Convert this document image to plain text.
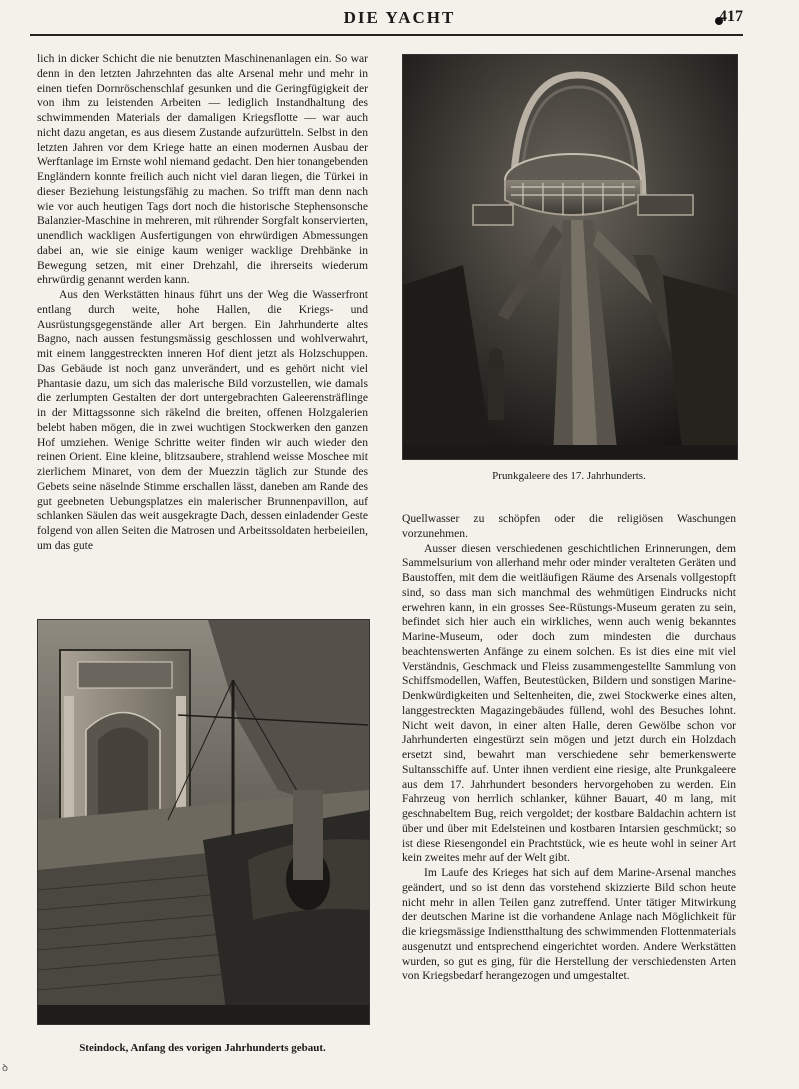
DIE YACHT	417

lich in dicker Schicht die nie benutzten Maschinenanlagen ein. So war denn in den letzten Jahrzehnten das alte Arsenal mehr und mehr in einen tiefen Dornröschenschlaf gesunken und die Geringfügigkeit der von ihm zu leistenden Arbeiten — lediglich Instandhaltung des schwimmenden Materials der damaligen Kriegsflotte — war auch nicht dazu angetan, es aus diesem Zustande aufzurütteln. Selbst in den letzten Jahren vor dem Kriege hatte an einen modernen Ausbau der Werftanlage im Ernste wohl niemand gedacht. Den hier tonangebenden Engländern konnte freilich auch nicht viel daran liegen, die Türkei in dieser Beziehung leistungsfähig zu machen. So trifft man denn nach wie vor auch heutigen Tags dort noch die historische Stephensonsche Balanzier-Maschine in mehreren, mit rührender Sorgfalt konservierten, unendlich wackligen Ausfertigungen von ehrwürdigen Abmessungen dabei an, wie sie einige kaum weniger wacklige Drehbänke in Bewegung setzen, mit einer Drehzahl, die ihrerseits wiederum ehrwürdig genannt werden kann.

Aus den Werkstätten hinaus führt uns der Weg die Wasserfront entlang durch weite, hohe Hallen, die Kriegs- und Ausrüstungsgegenstände aller Art bergen. Ein Jahrhunderte altes Bagno, nach aussen festungsmässig geschlossen und wohlverwahrt, mit einem langgestreckten inneren Hof dient jetzt als Holzschuppen. Das Gebäude ist noch ganz unverändert, und es gehört nicht viel Phantasie dazu, um sich das malerische Bild vorzustellen, wie damals die zerlumpten Gestalten der dort untergebrachten Galeerensträflinge in der Mittagssonne sich räkelnd die breiten, offenen Holzgalerien belebt haben mögen, die in zwei wuchtigen Stockwerken den ganzen Hof umziehen. Wenige Schritte weiter finden wir auch wieder den reinen Orient. Eine kleine, blitzsaubere, strahlend weisse Moschee mit zierlichem Minaret, von dem der Muezzin täglich zur Stunde des Gebets seine näselnde Stimme erschallen lässt, daneben am Rande des gut geebneten Uebungsplatzes ein malerischer Brunnenpavillon, auf schlanken Säulen das weit ausgekragte Dach, dessen einladender Geste folgend von allen Seiten die Matrosen und Arbeitssoldaten herbeieilen, um das gute

Prunkgaleere des 17. Jahrhunderts.

Quellwasser zu schöpfen oder die religiösen Waschungen vorzunehmen.

Ausser diesen verschiedenen geschichtlichen Erinnerungen, dem Sammelsurium von allerhand mehr oder minder veralteten Geräten und Baustoffen, mit dem die weitläufigen Räume des Arsenals vollgestopft sind, so dass man sich manchmal des wehmütigen Eindrucks nicht erwehren kann, in ein grosses See-Rüstungs-Museum geraten zu sein, befindet sich hier auch ein wirkliches, wenn auch wenig bekanntes Marine-Museum, oder doch zum mindesten die durchaus beachtenswerten Anfänge zu einem solchen. Es ist dies eine mit viel Verständnis, Geschmack und Fleiss zusammengestellte Sammlung von Schiffsmodellen, Waffen, Beutestücken, Bildern und sonstigen Marine-Denkwürdigkeiten und Seltenheiten, die, zwei Stockwerke eines alten, langgestreckten Magazingebäudes füllend, wohl des Besuches lohnt. Nicht weit davon, in einer alten Halle, deren Gewölbe schon vor Jahrhunderten eingestürzt sein mögen und jetzt durch ein Holzdach ersetzt sind, bewahrt man verschiedene sehr bemerkenswerte Sultansschiffe auf. Unter ihnen verdient eine riesige, alte Prunkgaleere aus dem 17. Jahrhundert besonders hervorgehoben zu werden. Ein Fahrzeug von herrlich schlanker, kühner Bauart, 40 m lang, mit geschnabeltem Bug, reich vergoldet; der kostbare Baldachin achtern ist über und über mit Edelsteinen und kostbaren Intarsien geschmückt; so ist diese Riesengondel ein Prachtstück, wie es heute wohl in seiner Art kein zweites mehr auf der Welt gibt.

Im Laufe des Krieges hat sich auf dem Marine-Arsenal manches geändert, und so ist denn das vorstehend skizzierte Bild schon heute nicht mehr in allen Teilen ganz zutreffend. Unter tätiger Mitwirkung der deutschen Marine ist die vorhandene Anlage nach Möglichkeit für die kriegsmässige Indienstthaltung des schwimmenden Flottenmaterials ausgenutzt und entsprechend eingerichtet worden. Andere Werkstätten wurden, so gut es ging, für die Herstellung der verschiedensten Arten von Kriegsbedarf herangezogen und umgestaltet.

Steindock, Anfang des vorigen Jahrhunderts gebaut.
ꝺ
